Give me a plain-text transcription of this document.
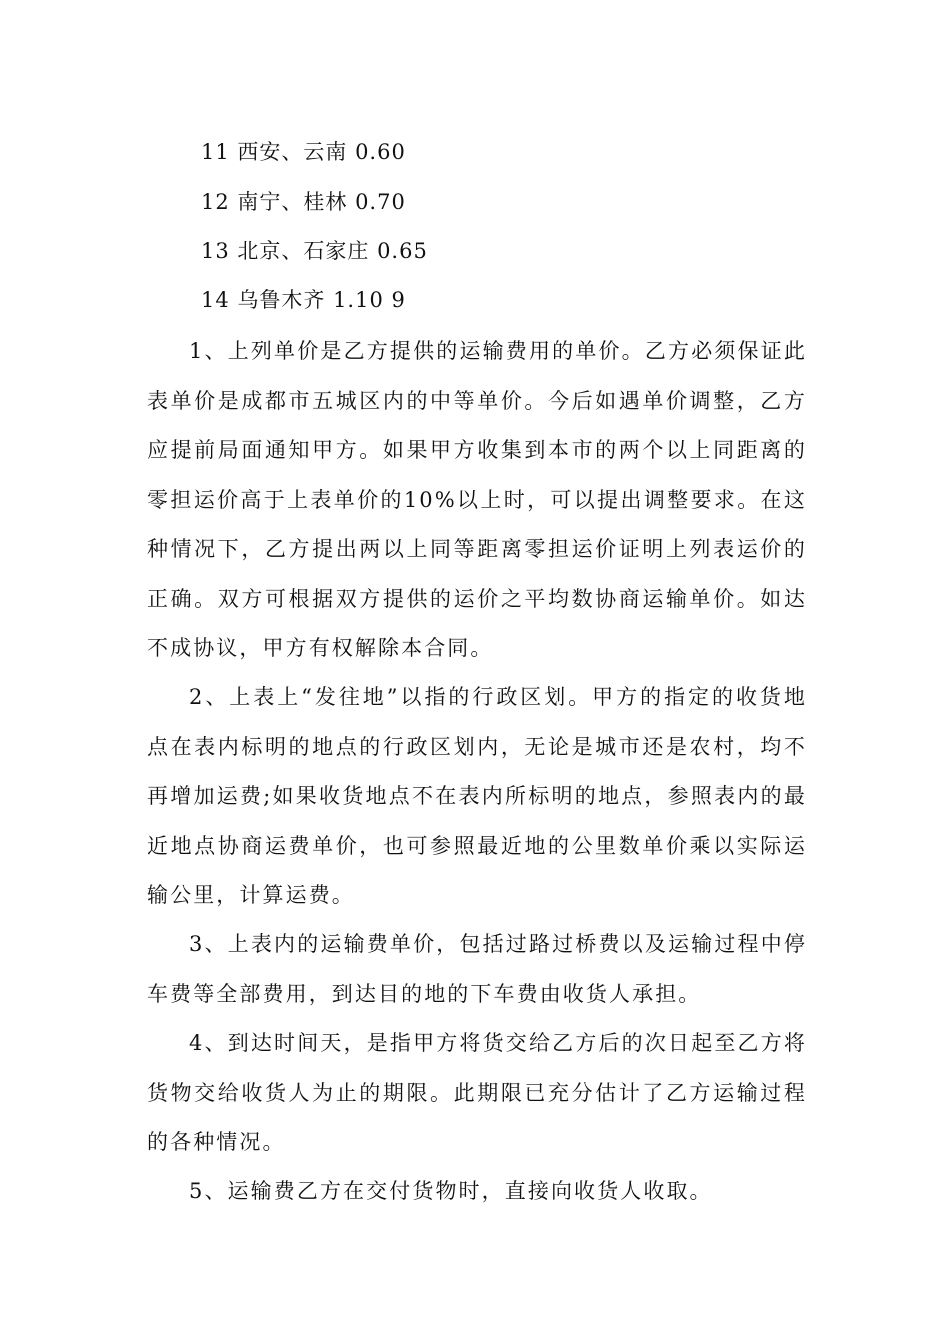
11 西安、云南 0.60
12 南宁、桂林 0.70
13 北京、石家庄 0.65
14 乌鲁木齐 1.10 9

1、上列单价是乙方提供的运输费用的单价。乙方必须保证此表单价是成都市五城区内的中等单价。今后如遇单价调整，乙方应提前局面通知甲方。如果甲方收集到本市的两个以上同距离的零担运价高于上表单价的10%以上时，可以提出调整要求。在这种情况下，乙方提出两以上同等距离零担运价证明上列表运价的正确。双方可根据双方提供的运价之平均数协商运输单价。如达不成协议，甲方有权解除本合同。

2、上表上“发往地”以指的行政区划。甲方的指定的收货地点在表内标明的地点的行政区划内，无论是城市还是农村，均不再增加运费;如果收货地点不在表内所标明的地点，参照表内的最近地点协商运费单价，也可参照最近地的公里数单价乘以实际运输公里，计算运费。

3、上表内的运输费单价，包括过路过桥费以及运输过程中停车费等全部费用，到达目的地的下车费由收货人承担。

4、到达时间天，是指甲方将货交给乙方后的次日起至乙方将货物交给收货人为止的期限。此期限已充分估计了乙方运输过程的各种情况。

5、运输费乙方在交付货物时，直接向收货人收取。
